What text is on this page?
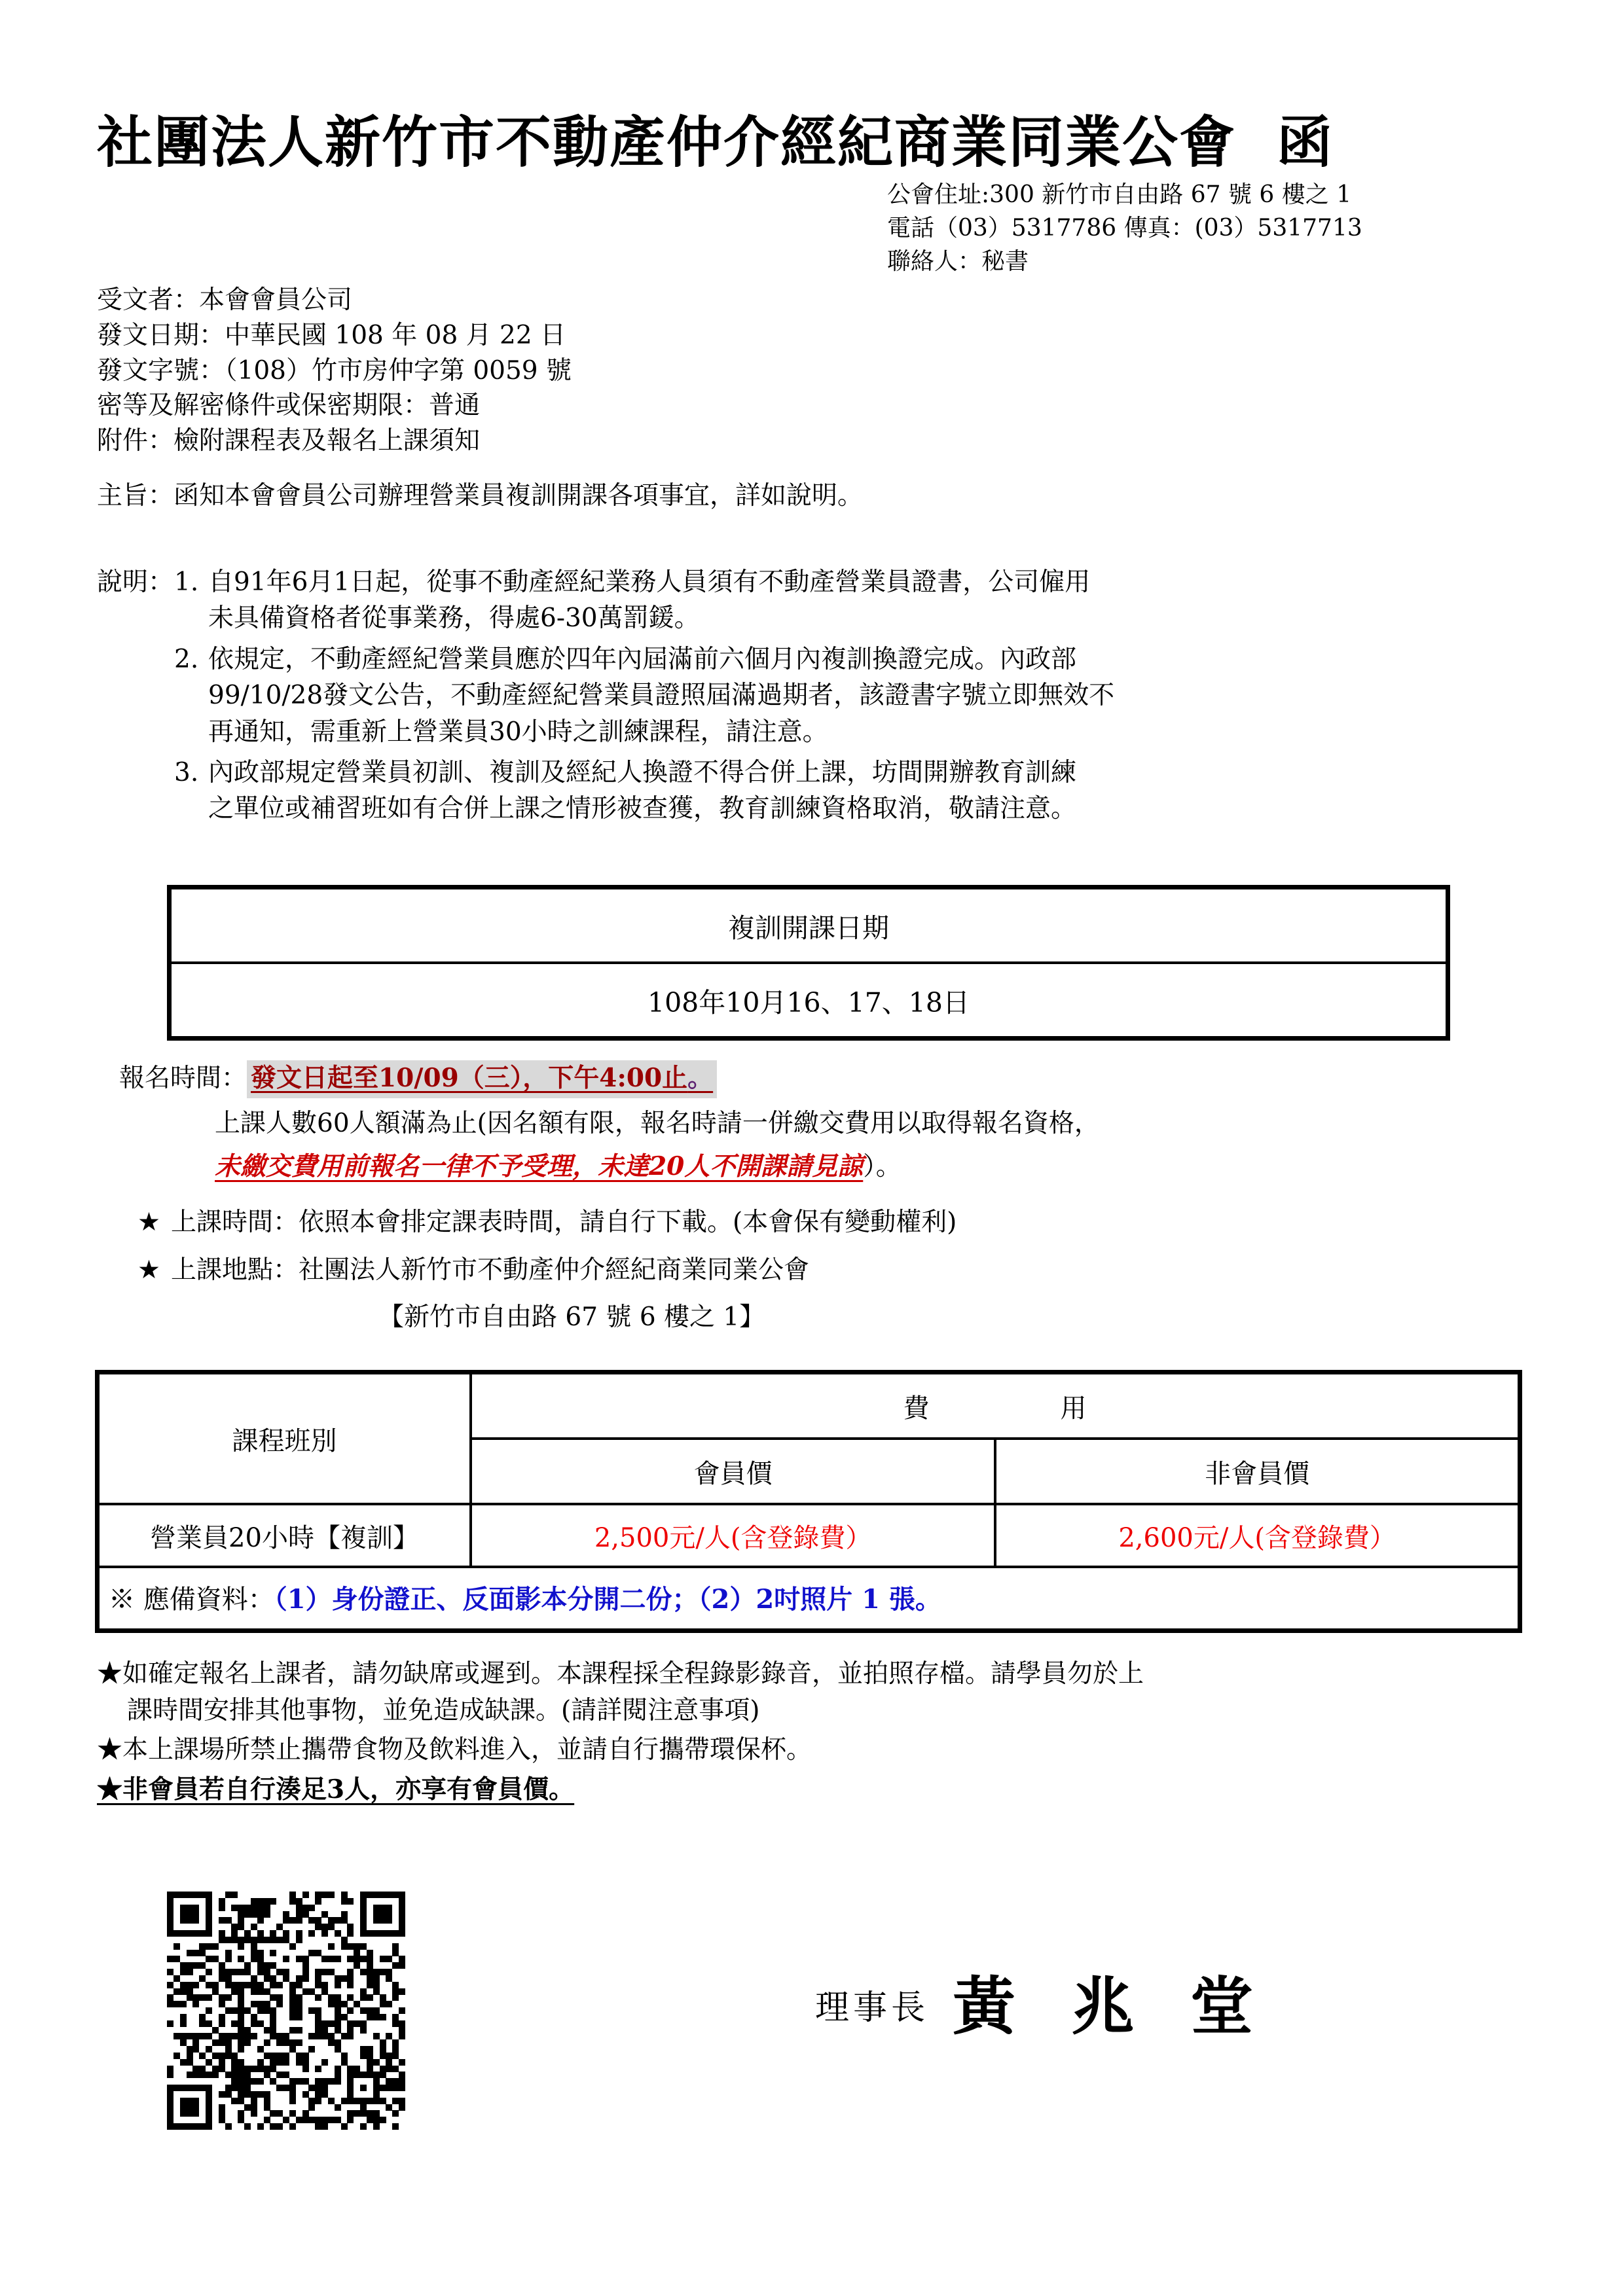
社團法人新竹市不動產仲介經紀商業同業公會 函
公會住址:300 新竹市自由路 67 號 6 樓之 1
電話（03）5317786 傳真：(03）5317713
聯絡人：秘書
受文者：本會會員公司
發文日期：中華民國 108 年 08 月 22 日
發文字號：（108）竹市房仲字第 0059 號
密等及解密條件或保密期限：普通
附件：檢附課程表及報名上課須知
主旨：函知本會會員公司辦理營業員複訓開課各項事宜，詳如說明。
說明： 1. 自91年6月1日起，從事不動產經紀業務人員須有不動產營業員證書，公司僱用
未具備資格者從事業務，得處6-30萬罰鍰。
2. 依規定，不動產經紀營業員應於四年內屆滿前六個月內複訓換證完成。內政部
99/10/28發文公告，不動產經紀營業員證照屆滿過期者，該證書字號立即無效不
再通知，需重新上營業員30小時之訓練課程，請注意。
3. 內政部規定營業員初訓、複訓及經紀人換證不得合併上課，坊間開辦教育訓練
之單位或補習班如有合併上課之情形被查獲，教育訓練資格取消，敬請注意。
複訓開課日期
108年10月16、17、18日
報名時間： 發文日起至10/09（三），下午4:00止。
上課人數60人額滿為止(因名額有限，報名時請一併繳交費用以取得報名資格，
未繳交費用前報名一律不予受理，未達20人不開課請見諒）。
★ 上課時間：依照本會排定課表時間，請自行下載。(本會保有變動權利)
★ 上課地點：社團法人新竹市不動產仲介經紀商業同業公會
【新竹市自由路 67 號 6 樓之 1】
課程班別	費　　　　　用	
	會員價	非會員價
營業員20小時【複訓】	2,500元/人(含登錄費）	2,600元/人(含登錄費）
※ 應備資料：（1）身份證正、反面影本分開二份；（2）2吋照片 1 張。		
★如確定報名上課者，請勿缺席或遲到。本課程採全程錄影錄音，並拍照存檔。請學員勿於上
課時間安排其他事物，並免造成缺課。(請詳閱注意事項)
★本上課場所禁止攜帶食物及飲料進入，並請自行攜帶環保杯。
★非會員若自行湊足3人，亦享有會員價。
理事長 黃 兆 堂
